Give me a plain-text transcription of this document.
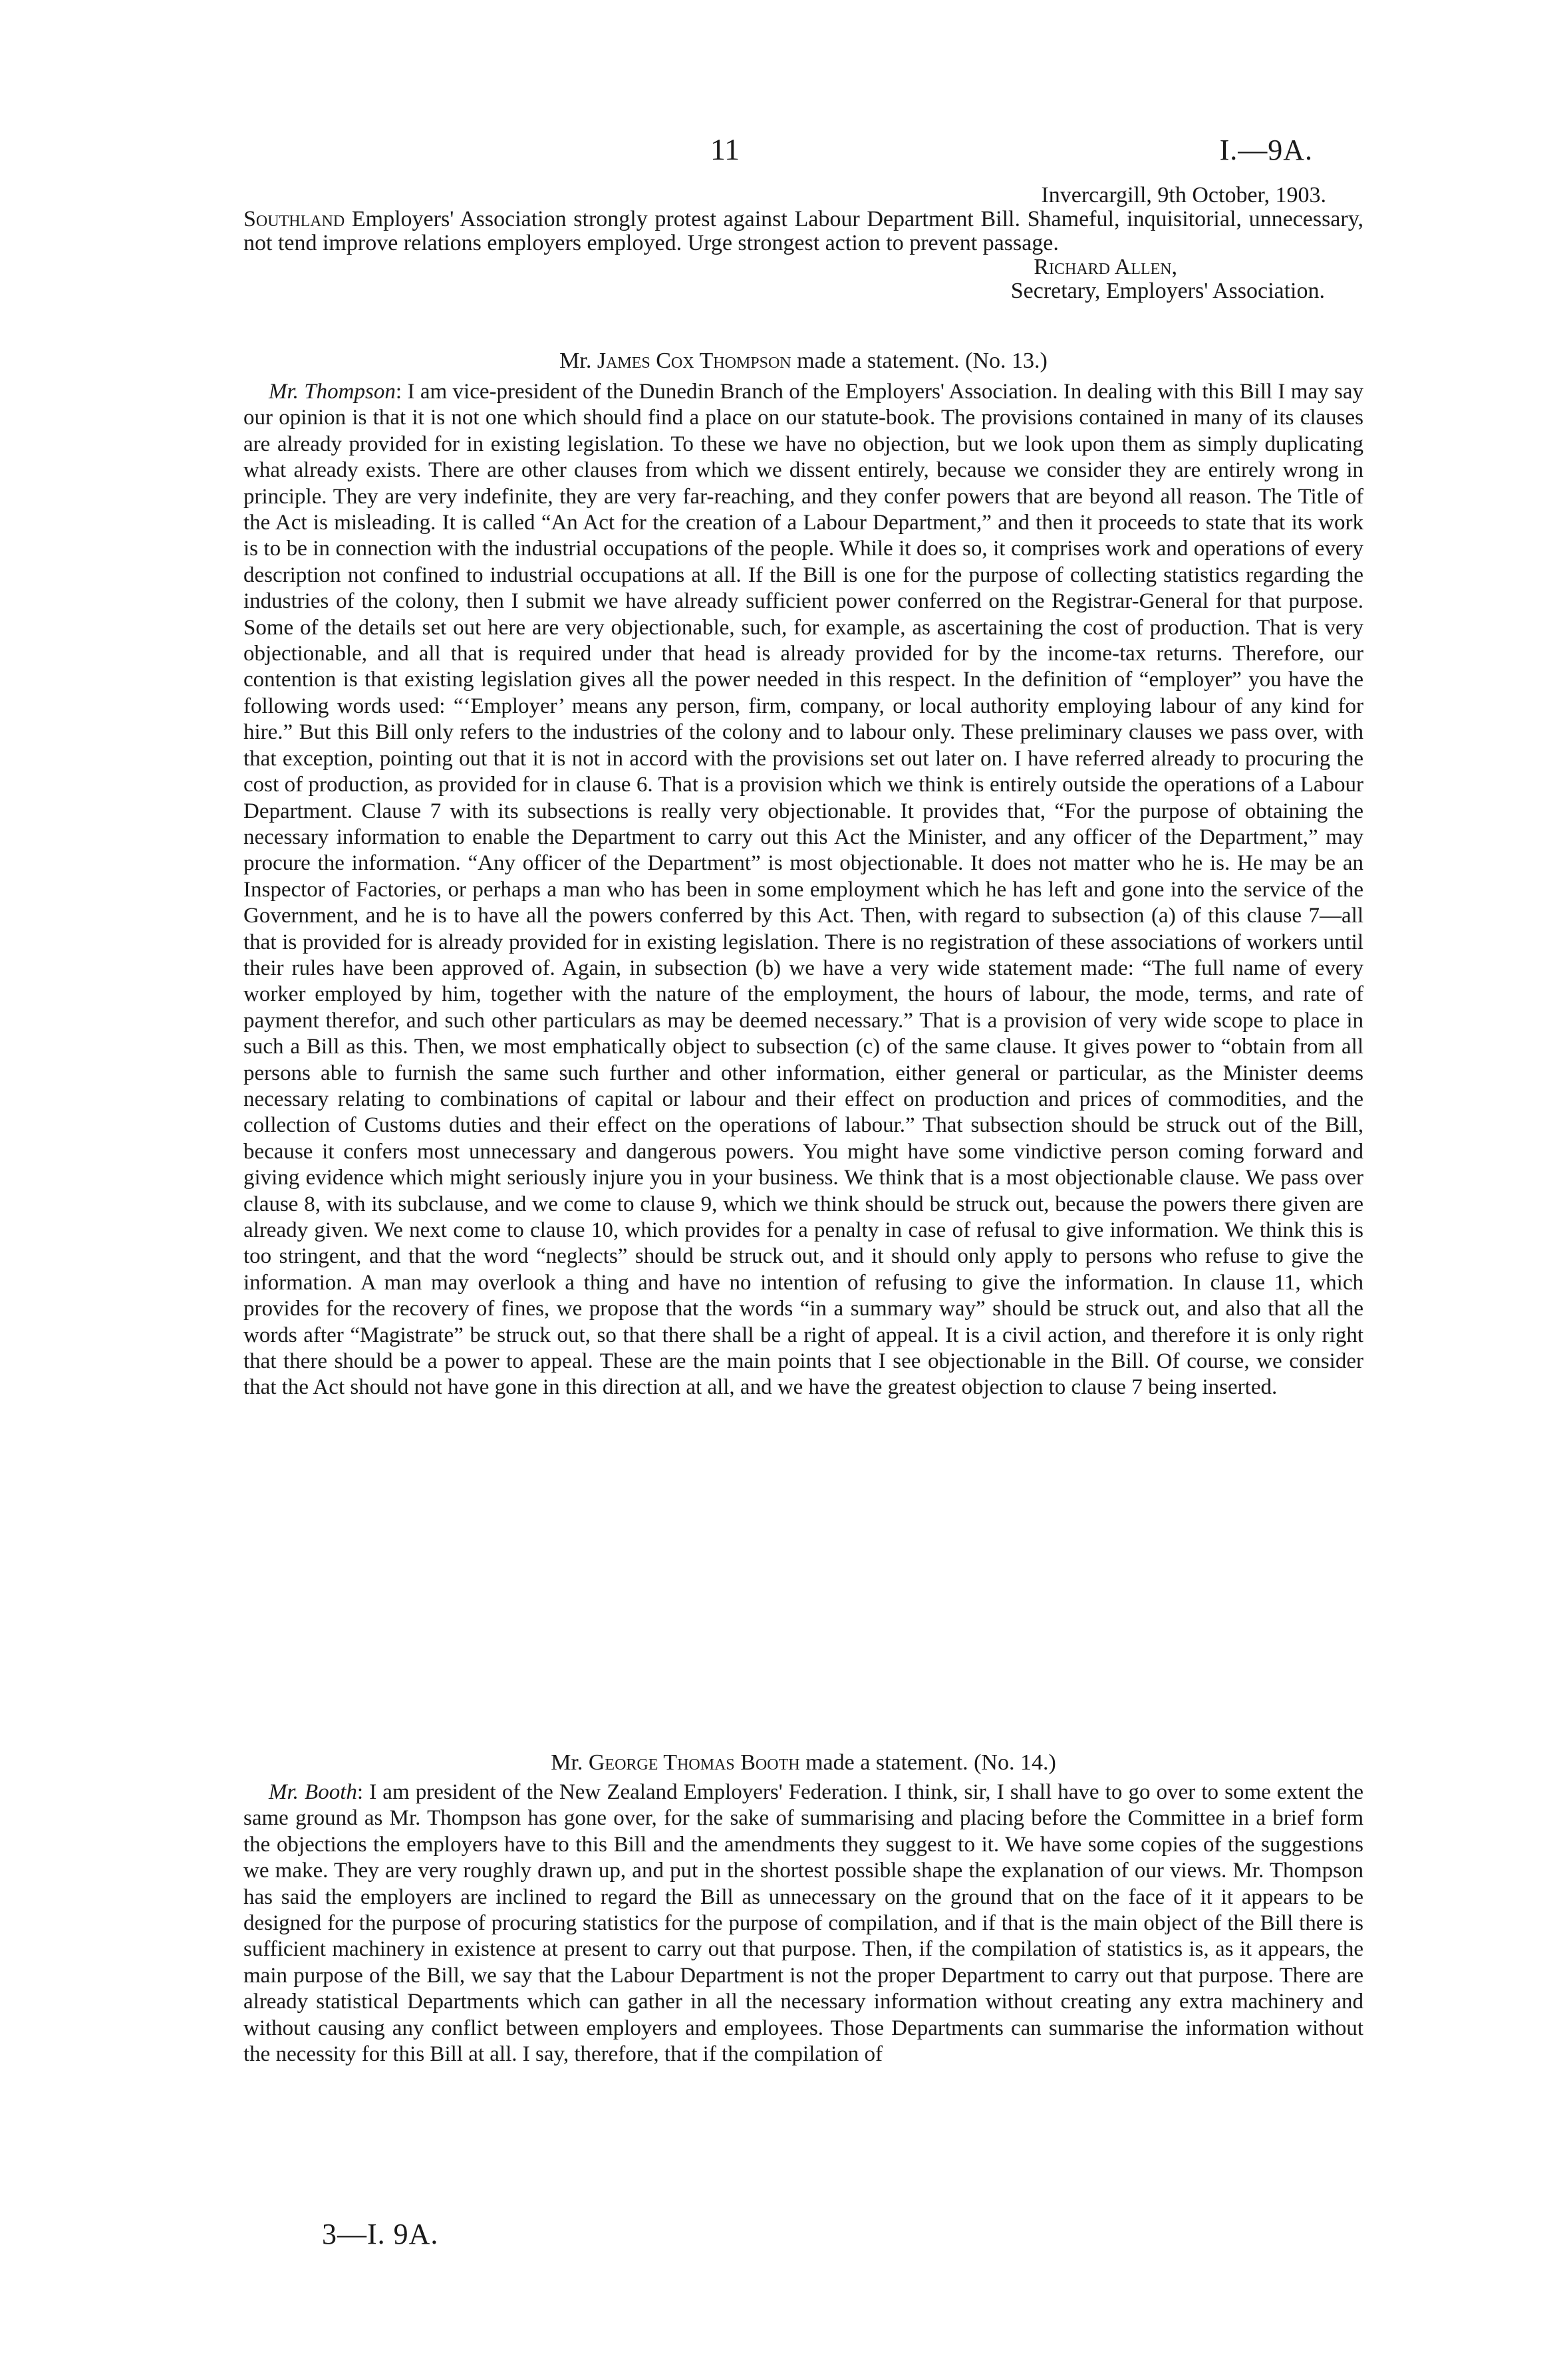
11	I.—9A.
Invercargill, 9th October, 1903.

Southland Employers' Association strongly protest against Labour Department Bill. Shameful, inquisitorial, unnecessary, not tend improve relations employers employed. Urge strongest action to prevent passage.

Richard Allen,
Secretary, Employers' Association.
Mr. James Cox Thompson made a statement. (No. 13.)

Mr. Thompson: I am vice-president of the Dunedin Branch of the Employers' Association. In dealing with this Bill I may say our opinion is that it is not one which should find a place on our statute-book. The provisions contained in many of its clauses are already provided for in existing legislation. To these we have no objection, but we look upon them as simply duplicating what already exists. There are other clauses from which we dissent entirely, because we consider they are entirely wrong in principle. They are very indefinite, they are very far-reaching, and they confer powers that are beyond all reason. The Title of the Act is misleading. It is called “An Act for the creation of a Labour Department,” and then it proceeds to state that its work is to be in connection with the industrial occupations of the people. While it does so, it comprises work and operations of every description not confined to industrial occupations at all. If the Bill is one for the purpose of collecting statistics regarding the industries of the colony, then I submit we have already sufficient power conferred on the Registrar-General for that purpose. Some of the details set out here are very objectionable, such, for example, as ascertaining the cost of production. That is very objectionable, and all that is required under that head is already provided for by the income-tax returns. Therefore, our contention is that existing legislation gives all the power needed in this respect. In the definition of “employer” you have the following words used: “‘Employer’ means any person, firm, company, or local authority employing labour of any kind for hire.” But this Bill only refers to the industries of the colony and to labour only. These preliminary clauses we pass over, with that exception, pointing out that it is not in accord with the provisions set out later on. I have referred already to procuring the cost of production, as provided for in clause 6. That is a provision which we think is entirely outside the operations of a Labour Department. Clause 7 with its subsections is really very objectionable. It provides that, “For the purpose of obtaining the necessary information to enable the Department to carry out this Act the Minister, and any officer of the Department,” may procure the information. “Any officer of the Department” is most objectionable. It does not matter who he is. He may be an Inspector of Factories, or perhaps a man who has been in some employment which he has left and gone into the service of the Government, and he is to have all the powers conferred by this Act. Then, with regard to subsection (a) of this clause 7—all that is provided for is already provided for in existing legislation. There is no registration of these associations of workers until their rules have been approved of. Again, in subsection (b) we have a very wide statement made: “The full name of every worker employed by him, together with the nature of the employment, the hours of labour, the mode, terms, and rate of payment therefor, and such other particulars as may be deemed necessary.” That is a provision of very wide scope to place in such a Bill as this. Then, we most emphatically object to subsection (c) of the same clause. It gives power to “obtain from all persons able to furnish the same such further and other information, either general or particular, as the Minister deems necessary relating to combinations of capital or labour and their effect on production and prices of commodities, and the collection of Customs duties and their effect on the operations of labour.” That subsection should be struck out of the Bill, because it confers most unnecessary and dangerous powers. You might have some vindictive person coming forward and giving evidence which might seriously injure you in your business. We think that is a most objectionable clause. We pass over clause 8, with its subclause, and we come to clause 9, which we think should be struck out, because the powers there given are already given. We next come to clause 10, which provides for a penalty in case of refusal to give information. We think this is too stringent, and that the word “neglects” should be struck out, and it should only apply to persons who refuse to give the information. A man may overlook a thing and have no intention of refusing to give the information. In clause 11, which provides for the recovery of fines, we propose that the words “in a summary way” should be struck out, and also that all the words after “Magistrate” be struck out, so that there shall be a right of appeal. It is a civil action, and therefore it is only right that there should be a power to appeal. These are the main points that I see objectionable in the Bill. Of course, we consider that the Act should not have gone in this direction at all, and we have the greatest objection to clause 7 being inserted.

Mr. George Thomas Booth made a statement. (No. 14.)

Mr. Booth: I am president of the New Zealand Employers' Federation. I think, sir, I shall have to go over to some extent the same ground as Mr. Thompson has gone over, for the sake of summarising and placing before the Committee in a brief form the objections the employers have to this Bill and the amendments they suggest to it. We have some copies of the suggestions we make. They are very roughly drawn up, and put in the shortest possible shape the explanation of our views. Mr. Thompson has said the employers are inclined to regard the Bill as unnecessary on the ground that on the face of it it appears to be designed for the purpose of procuring statistics for the purpose of compilation, and if that is the main object of the Bill there is sufficient machinery in existence at present to carry out that purpose. Then, if the compilation of statistics is, as it appears, the main purpose of the Bill, we say that the Labour Department is not the proper Department to carry out that purpose. There are already statistical Departments which can gather in all the necessary information without creating any extra machinery and without causing any conflict between employers and employees. Those Departments can summarise the information without the necessity for this Bill at all. I say, therefore, that if the compilation of

3—I. 9A.
